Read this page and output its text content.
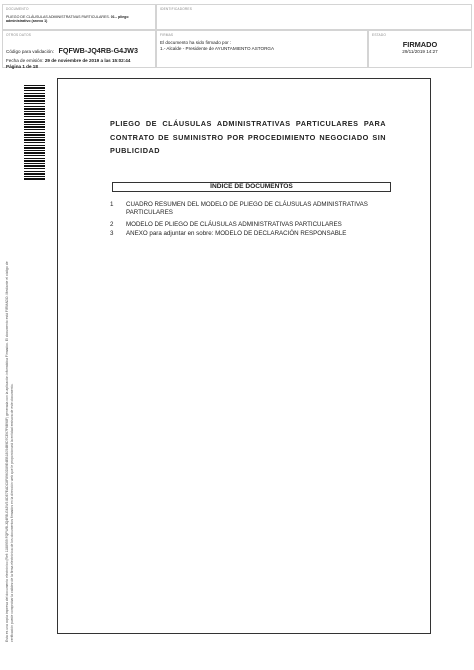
DOCUMENTO
PLIEGO DE CLÁUSULAS ADMINISTRATIVAS PARTICULARES. 01.- pliego
administrativo (anexo 1)
IDENTIFICADORES
OTROS DATOS
Código para validación: FQFWB-JQ4RB-G4JW3
Fecha de emisión: 29 de noviembre de 2019 a las 15:02:44
Página 1 de 18
FIRMAS
El documento ha sido firmado por :
1.- Alcalde - Presidente de AYUNTAMIENTO ASTORGA
ESTADO
FIRMADO
29/11/2019 14:27
Esta es una copia impresa del documento electrónico (Ref: 1188959 FQFWB-JQ4RB-G4JW3 8DE7EADC8F8960D89E4EB18054B9D7CE67F6B98F) generada con la aplicación informática Firmadoc. El documento está FIRMADO. Mediante el código de verificación puede comprobar la validez de la firma electrónica de los documentos firmados en la dirección web que le proporcionará la entidad emisora de este documento.
PLIEGO DE CLÁUSULAS ADMINISTRATIVAS PARTICULARES PARA CONTRATO DE SUMINISTRO POR PROCEDIMIENTO NEGOCIADO SIN PUBLICIDAD
ÍNDICE DE DOCUMENTOS
1	CUADRO RESUMEN DEL MODELO DE PLIEGO DE CLÁUSULAS ADMINISTRATIVAS PARTICULARES
2	MODELO DE PLIEGO DE CLÁUSULAS ADMINISTRATIVAS PARTICULARES
3	ANEXO para adjuntar en sobre: MODELO DE DECLARACIÓN RESPONSABLE
